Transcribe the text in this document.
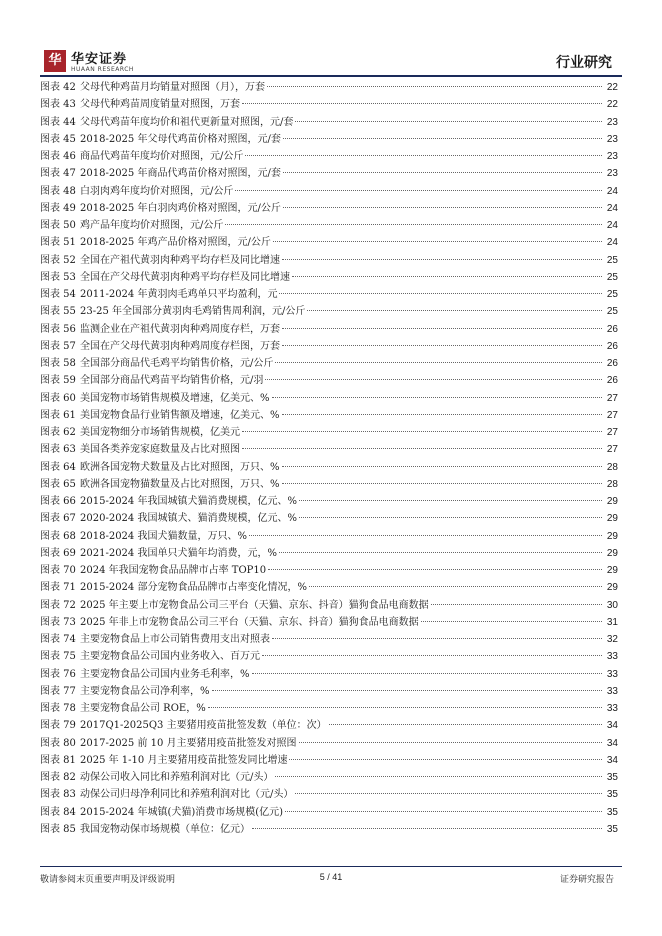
华 华安证券
HUAAN RESEARCH	行业研究
图表 42 父母代种鸡苗月均销量对照图（月），万套	22
图表 43 父母代种鸡苗周度销量对照图，万套	22
图表 44 父母代鸡苗年度均价和祖代更新量对照图，元/套	23
图表 45 2018-2025 年父母代鸡苗价格对照图，元/套	23
图表 46 商品代鸡苗年度均价对照图，元/公斤	23
图表 47 2018-2025 年商品代鸡苗价格对照图，元/套	23
图表 48 白羽肉鸡年度均价对照图，元/公斤	24
图表 49 2018-2025 年白羽肉鸡价格对照图，元/公斤	24
图表 50 鸡产品年度均价对照图，元/公斤	24
图表 51 2018-2025 年鸡产品价格对照图，元/公斤	24
图表 52 全国在产祖代黄羽肉种鸡平均存栏及同比增速	25
图表 53 全国在产父母代黄羽肉种鸡平均存栏及同比增速	25
图表 54 2011-2024 年黄羽肉毛鸡单只平均盈利，元	25
图表 55 23-25 年全国部分黄羽肉毛鸡销售周利润，元/公斤	25
图表 56 监测企业在产祖代黄羽肉种鸡周度存栏，万套	26
图表 57 全国在产父母代黄羽肉种鸡周度存栏图，万套	26
图表 58 全国部分商品代毛鸡平均销售价格，元/公斤	26
图表 59 全国部分商品代鸡苗平均销售价格，元/羽	26
图表 60 美国宠物市场销售规模及增速，亿美元、%	27
图表 61 美国宠物食品行业销售额及增速，亿美元、%	27
图表 62 美国宠物细分市场销售规模，亿美元	27
图表 63 美国各类养宠家庭数量及占比对照图	27
图表 64 欧洲各国宠物犬数量及占比对照图，万只、%	28
图表 65 欧洲各国宠物猫数量及占比对照图，万只、%	28
图表 66 2015-2024 年我国城镇犬猫消费规模，亿元、%	29
图表 67 2020-2024 我国城镇犬、猫消费规模，亿元、%	29
图表 68 2018-2024 我国犬猫数量，万只、%	29
图表 69 2021-2024 我国单只犬猫年均消费，元，%	29
图表 70 2024 年我国宠物食品品牌市占率 TOP10	29
图表 71 2015-2024 部分宠物食品品牌市占率变化情况，%	29
图表 72 2025 年主要上市宠物食品公司三平台（天猫、京东、抖音）猫狗食品电商数据	30
图表 73 2025 年非上市宠物食品公司三平台（天猫、京东、抖音）猫狗食品电商数据	31
图表 74 主要宠物食品上市公司销售费用支出对照表	32
图表 75 主要宠物食品公司国内业务收入、百万元	33
图表 76 主要宠物食品公司国内业务毛利率，%	33
图表 77 主要宠物食品公司净利率，%	33
图表 78 主要宠物食品公司 ROE，%	33
图表 79 2017Q1-2025Q3 主要猪用疫苗批签发数（单位：次）	34
图表 80 2017-2025 前 10 月主要猪用疫苗批签发对照图	34
图表 81 2025 年 1-10 月主要猪用疫苗批签发同比增速	34
图表 82 动保公司收入同比和养殖利润对比（元/头）	35
图表 83 动保公司归母净利同比和养殖利润对比（元/头）	35
图表 84 2015-2024 年城镇(犬猫)消费市场规模(亿元)	35
图表 85 我国宠物动保市场规模（单位：亿元）	35
敬请参阅末页重要声明及评级说明	5 / 41	证券研究报告
